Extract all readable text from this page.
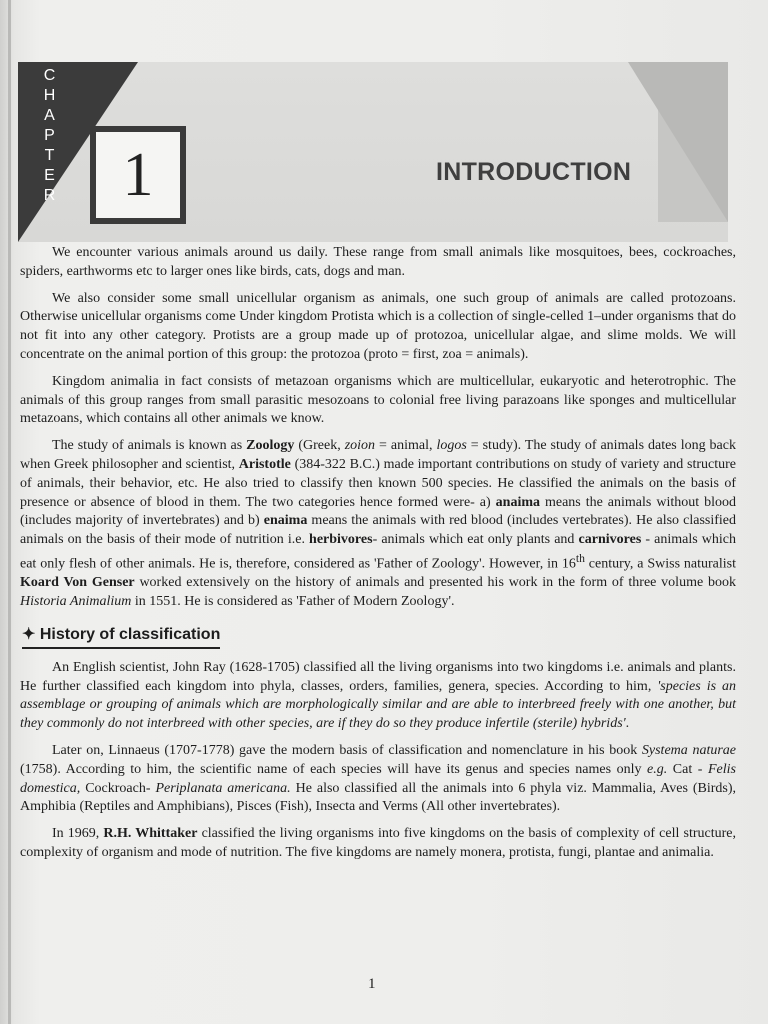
CHAPTER	1	INTRODUCTION

We encounter various animals around us daily. These range from small animals like mosquitoes, bees, cockroaches, spiders, earthworms etc to larger ones like birds, cats, dogs and man.

We also consider some small unicellular organism as animals, one such group of animals are called protozoans. Otherwise unicellular organisms come Under kingdom Protista which is a collection of single-celled 1–under organisms that do not fit into any other category. Protists are a group made up of protozoa, unicellular algae, and slime molds. We will concentrate on the animal portion of this group: the protozoa (proto = first, zoa = animals).

Kingdom animalia in fact consists of metazoan organisms which are multicellular, eukaryotic and heterotrophic. The animals of this group ranges from small parasitic mesozoans to colonial free living parazoans like sponges and multicellular metazoans, which contains all other animals we know.

The study of animals is known as Zoology (Greek, zoion = animal, logos = study). The study of animals dates long back when Greek philosopher and scientist, Aristotle (384-322 B.C.) made important contributions on study of variety and structure of animals, their behavior, etc. He also tried to classify then known 500 species. He classified the animals on the basis of presence or absence of blood in them. The two categories hence formed were- a) anaima means the animals without blood (includes majority of invertebrates) and b) enaima means the animals with red blood (includes vertebrates). He also classified animals on the basis of their mode of nutrition i.e. herbivores- animals which eat only plants and carnivores - animals which eat only flesh of other animals. He is, therefore, considered as 'Father of Zoology'. However, in 16th century, a Swiss naturalist Koard Von Genser worked extensively on the history of animals and presented his work in the form of three volume book Historia Animalium in 1551. He is considered as 'Father of Modern Zoology'.

✦ History of classification

An English scientist, John Ray (1628-1705) classified all the living organisms into two kingdoms i.e. animals and plants. He further classified each kingdom into phyla, classes, orders, families, genera, species. According to him, 'species is an assemblage or grouping of animals which are morphologically similar and are able to interbreed freely with one another, but they commonly do not interbreed with other species, are if they do so they produce infertile (sterile) hybrids'.

Later on, Linnaeus (1707-1778) gave the modern basis of classification and nomenclature in his book Systema naturae (1758). According to him, the scientific name of each species will have its genus and species names only e.g. Cat - Felis domestica, Cockroach- Periplanata americana. He also classified all the animals into 6 phyla viz. Mammalia, Aves (Birds), Amphibia (Reptiles and Amphibians), Pisces (Fish), Insecta and Verms (All other invertebrates).

In 1969, R.H. Whittaker classified the living organisms into five kingdoms on the basis of complexity of cell structure, complexity of organism and mode of nutrition. The five kingdoms are namely monera, protista, fungi, plantae and animalia.

1
